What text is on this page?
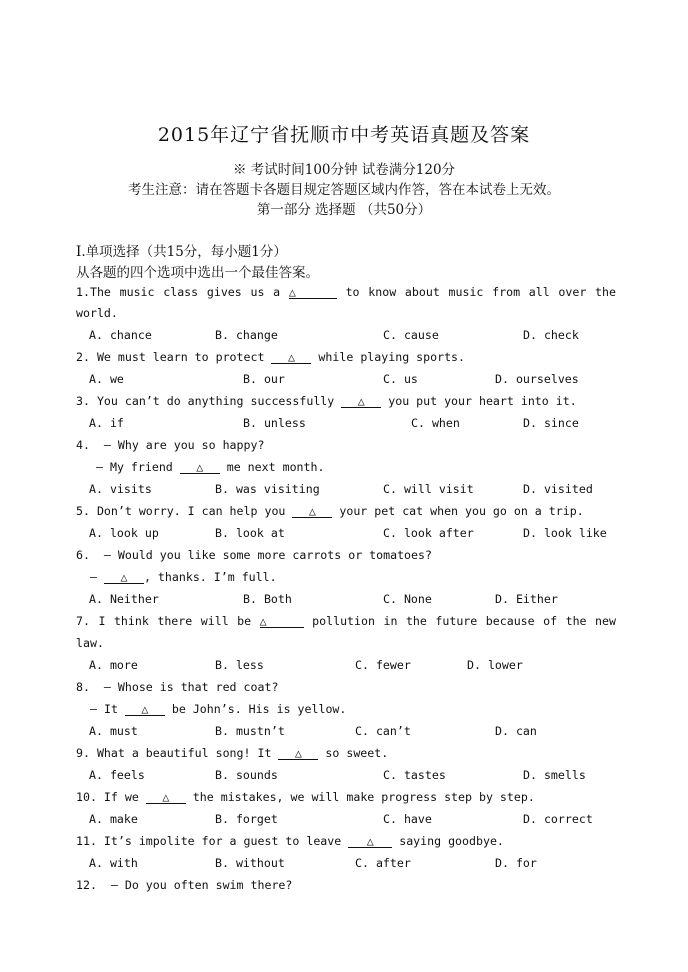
2015年辽宁省抚顺市中考英语真题及答案
※ 考试时间100分钟 试卷满分120分
考生注意：请在答题卡各题目规定答题区域内作答，答在本试卷上无效。
第一部分 选择题 （共50分）
Ⅰ.单项选择（共15分，每小题1分）
从各题的四个选项中选出一个最佳答案。
1.The music class gives us a △	to know about music from all over the
world.
A. chance	B. change	C. cause	D. check
2. We must learn to protect △ while playing sports.
A. we	B. our	C. us	D. ourselves
3. You can’t do anything successfully △ you put your heart into it.
A. if	B. unless	C. when	D. since
4.  — Why are you so happy?
— My friend △ me next month.
A. visits	B. was visiting	C. will visit	D. visited
5. Don’t worry. I can help you △ your pet cat when you go on a trip.
A. look up	B. look at	C. look after	D. look like
6.  — Would you like some more carrots or tomatoes?
— △ , thanks. I’m full.
A. Neither	B. Both	C. None	D. Either
7. I think there will be △	pollution in the future because of the new
law.
A. more	B. less	C. fewer	D. lower
8.  — Whose is that red coat?
— It △ be John’s. His is yellow.
A. must	B. mustn’t	C. can’t	D. can
9. What a beautiful song! It △ so sweet.
A. feels	B. sounds	C. tastes	D. smells
10. If we △ the mistakes, we will make progress step by step.
A. make	B. forget	C. have	D. correct
11. It’s impolite for a guest to leave △ saying goodbye.
A. with	B. without	C. after	D. for
12.  — Do you often swim there?
